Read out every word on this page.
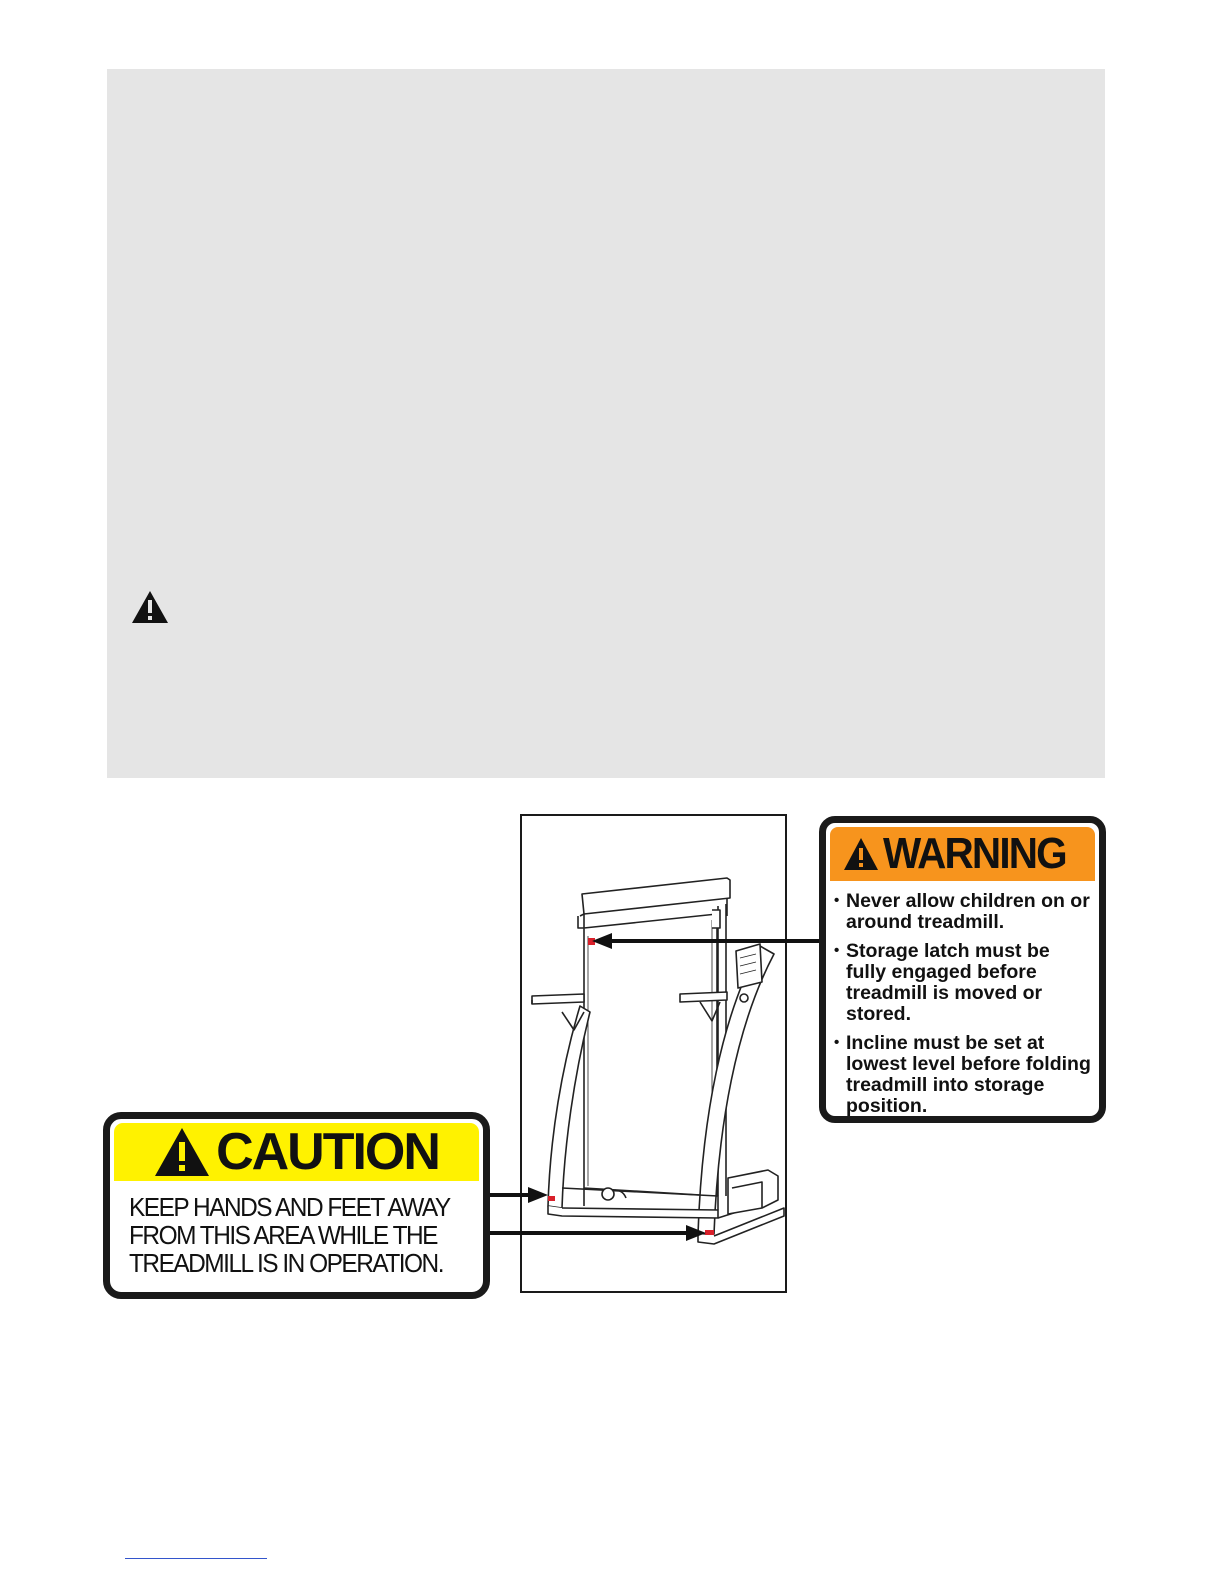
WARNING
• Never allow children on or around treadmill.
• Storage latch must be fully engaged before treadmill is moved or stored.
• Incline must be set at lowest level before folding treadmill into storage position.
CAUTION
KEEP HANDS AND FEET AWAY
FROM THIS AREA WHILE THE
TREADMILL IS IN OPERATION.
